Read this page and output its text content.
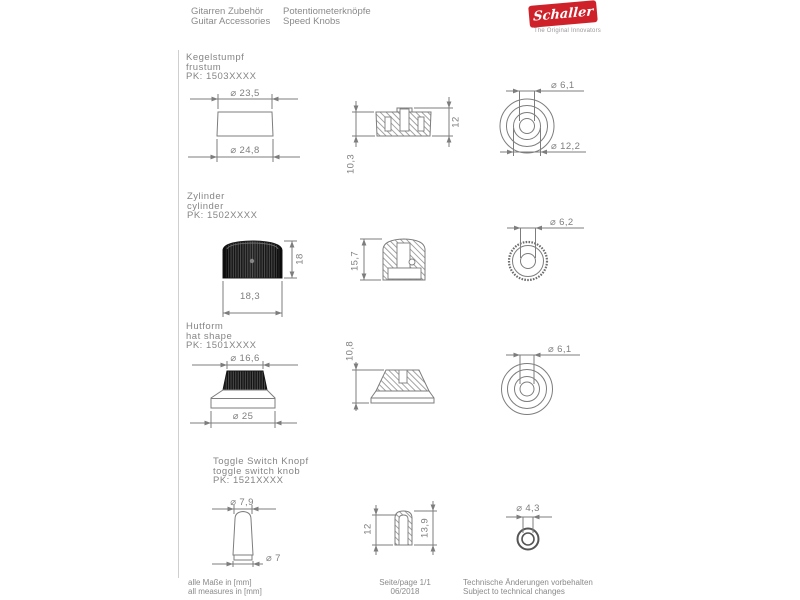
Gitarren Zubehör
Guitar Accessories
Potentiometerknöpfe
Speed Knobs	Schaller
The Original Innovators
Kegelstumpf
frustum
PK: 1503XXXX
Zylinder
cylinder
PK: 1502XXXX
Hutform
hat shape
PK: 1501XXXX
Toggle Switch Knopf
toggle switch knob
PK: 1521XXXX
⌀ 23,5
⌀ 24,8
10,3
12
⌀ 6,1
⌀ 12,2
18,3
18	15,7
⌀ 6,2
⌀ 16,6
⌀ 25
10,8	⌀ 6,1
⌀ 7,9
⌀ 7
12	13,9
⌀ 4,3
alle Maße in [mm]
all measures in [mm]
Seite/page 1/1
06/2018
Technische Änderungen vorbehalten
Subject to technical changes
